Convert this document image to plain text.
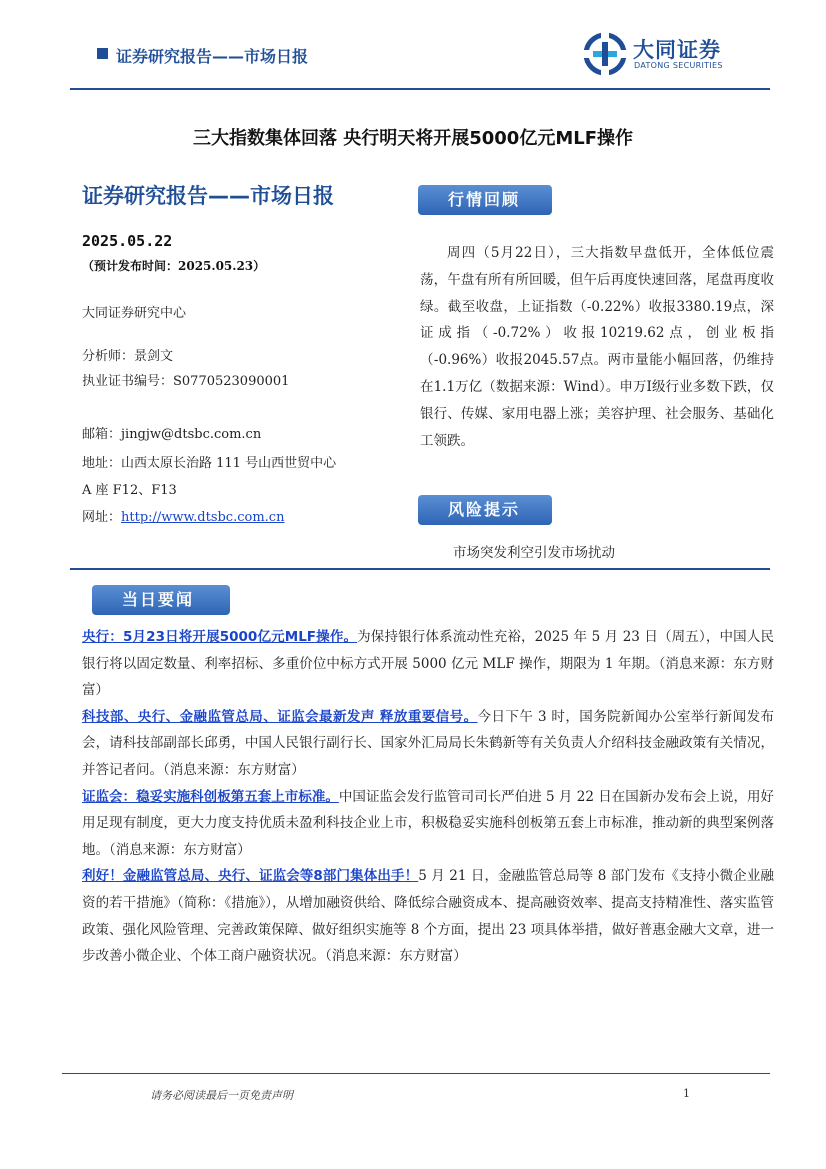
证券研究报告——市场日报	大同证券
DATONG SECURITIES
三大指数集体回落 央行明天将开展5000亿元MLF操作
证券研究报告——市场日报
2025.05.22
（预计发布时间：2025.05.23）
大同证券研究中心
分析师：景剑文
执业证书编号：S0770523090001
邮箱：jingjw@dtsbc.com.cn
地址：山西太原长治路 111 号山西世贸中心
A 座 F12、F13
网址：http://www.dtsbc.com.cn
行情回顾

周四（5月22日），三大指数早盘低开，全体低位震荡，午盘有所有所回暖，但午后再度快速回落，尾盘再度收绿。截至收盘，上证指数（-0.22%）收报3380.19点，深证成指（-0.72%）收报10219.62点，创业板指（-0.96%）收报2045.57点。两市量能小幅回落，仍维持在1.1万亿（数据来源：Wind）。申万Ⅰ级行业多数下跌，仅银行、传媒、家用电器上涨；美容护理、社会服务、基础化工领跌。

风险提示
市场突发利空引发市场扰动
当日要闻

央行：5月23日将开展5000亿元MLF操作。为保持银行体系流动性充裕，2025 年 5 月 23 日（周五），中国人民银行将以固定数量、利率招标、多重价位中标方式开展 5000 亿元 MLF 操作，期限为 1 年期。（消息来源：东方财富）

科技部、央行、金融监管总局、证监会最新发声 释放重要信号。今日下午 3 时，国务院新闻办公室举行新闻发布会，请科技部副部长邱勇，中国人民银行副行长、国家外汇局局长朱鹤新等有关负责人介绍科技金融政策有关情况，并答记者问。（消息来源：东方财富）

证监会：稳妥实施科创板第五套上市标准。中国证监会发行监管司司长严伯进 5 月 22 日在国新办发布会上说，用好用足现有制度，更大力度支持优质未盈利科技企业上市，积极稳妥实施科创板第五套上市标准，推动新的典型案例落地。（消息来源：东方财富）

利好！金融监管总局、央行、证监会等8部门集体出手！5 月 21 日，金融监管总局等 8 部门发布《支持小微企业融资的若干措施》（简称：《措施》），从增加融资供给、降低综合融资成本、提高融资效率、提高支持精准性、落实监管政策、强化风险管理、完善政策保障、做好组织实施等 8 个方面，提出 23 项具体举措，做好普惠金融大文章，进一步改善小微企业、个体工商户融资状况。（消息来源：东方财富）

请务必阅读最后一页免责声明	1
